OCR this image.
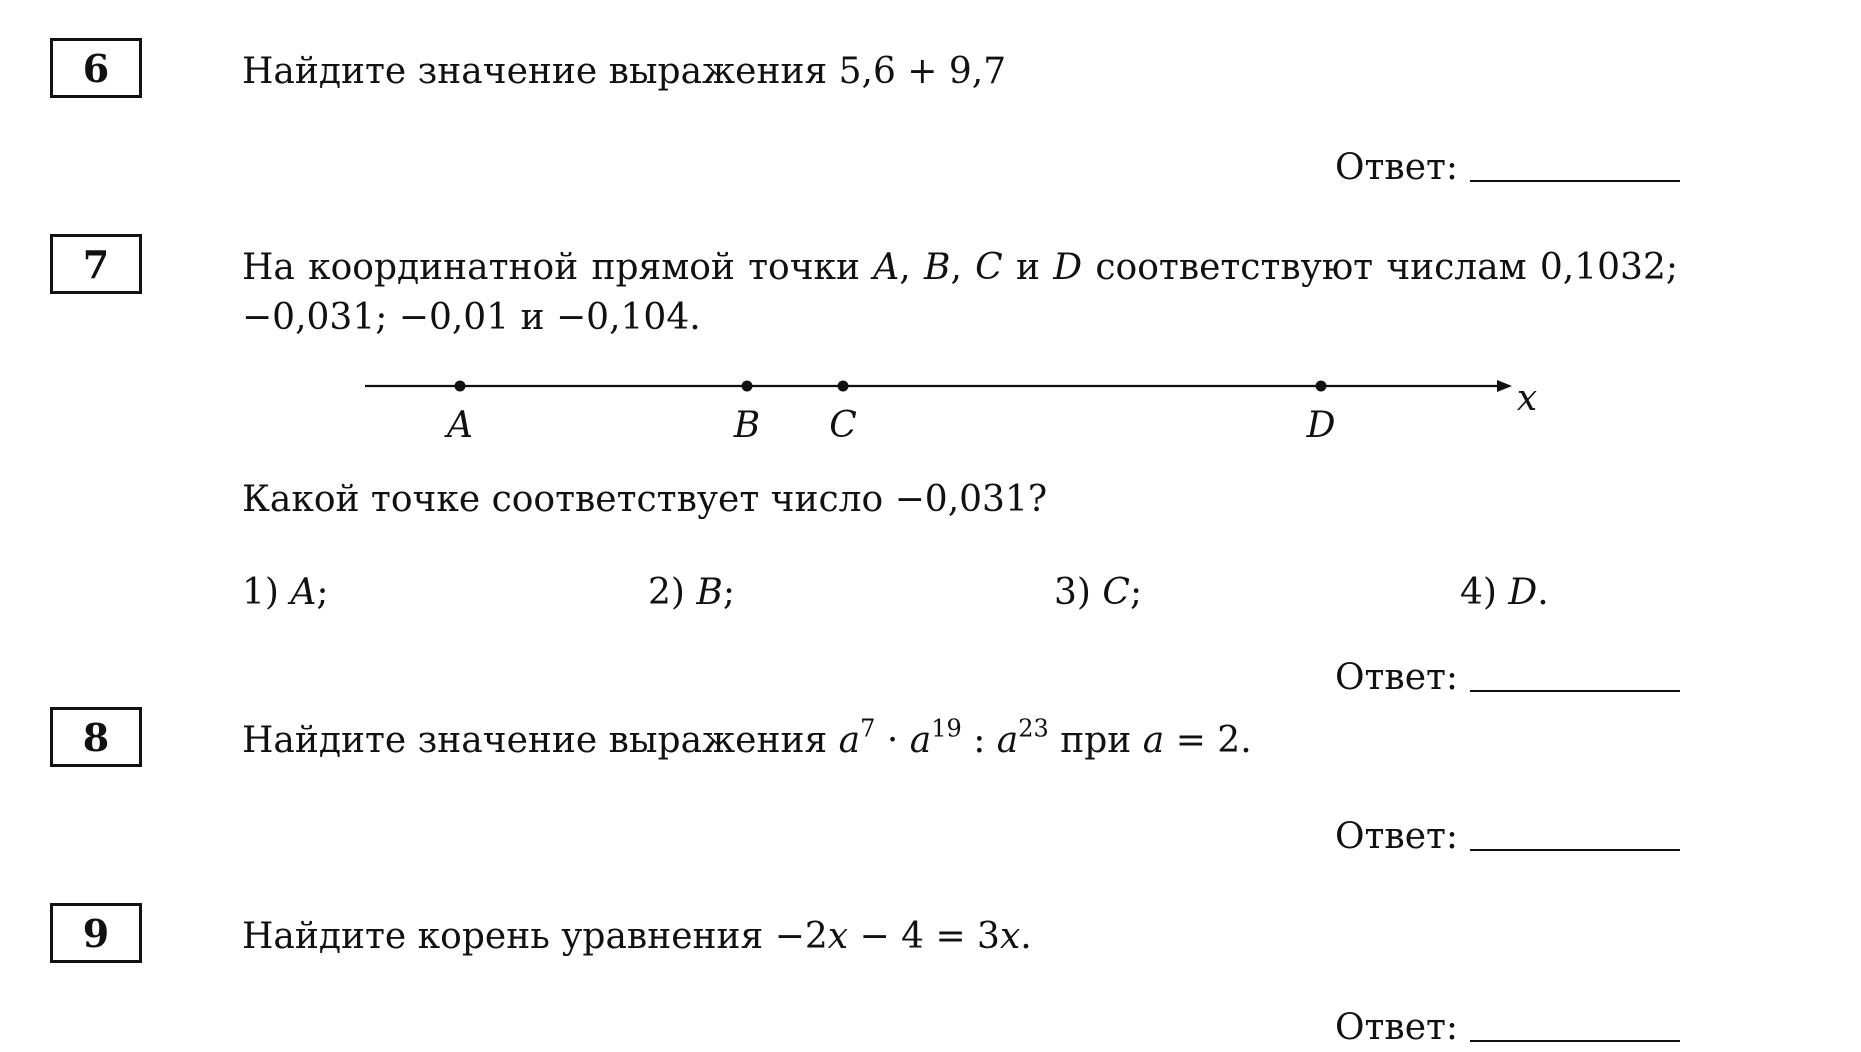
6	Найдите значение выражения 5,6 + 9,7
Ответ:
7	На координатной прямой точки A, B, C и D соответствуют числам 0,1032;
−0,031; −0,01 и −0,104.
A	B C	D
x
Какой точке соответствует число −0,031?
1) A;	2) B;	3) C;	4) D.
Ответ:
8	Найдите значение выражения $a^7 \cdot a^{19}$ : $a^{23}$ при a = 2.
Ответ:
9	Найдите корень уравнения −2x − 4 = 3x.
Ответ:
